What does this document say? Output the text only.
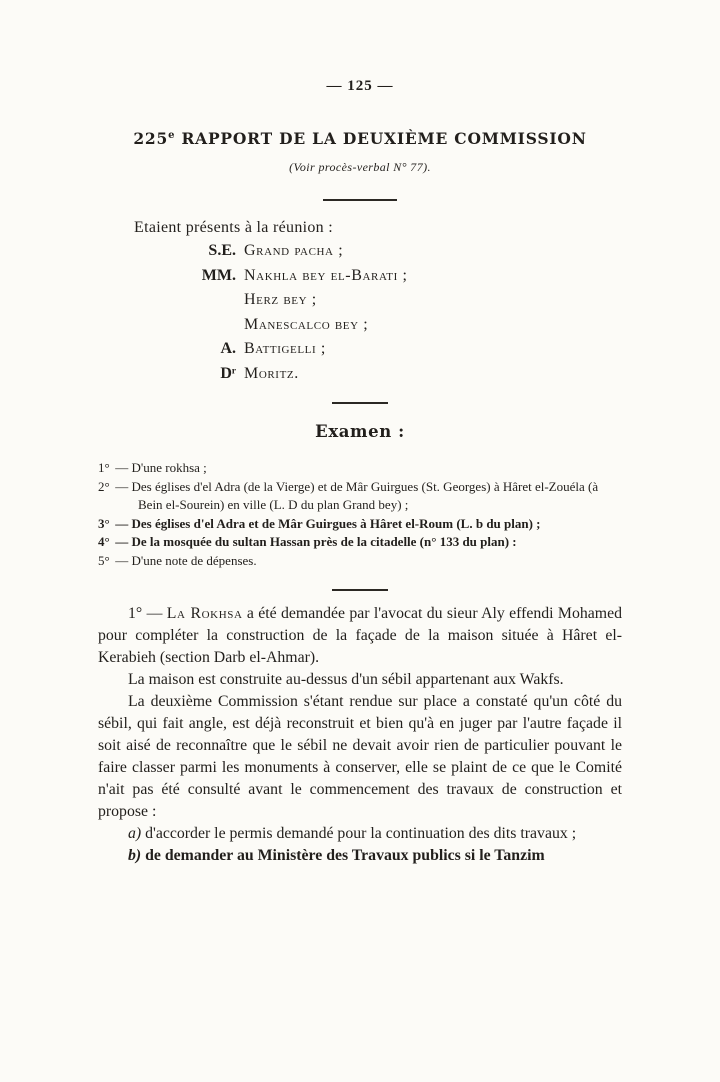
— 125 —
225e RAPPORT DE LA DEUXIÈME COMMISSION
(Voir procès-verbal N° 77).
Etaient présents à la réunion :
S.E. Grand pacha ;
MM. Nakhla bey el-Barati ;
Herz bey ;
Manescalco bey ;
A. Battigelli ;
Dʳ Moritz.
Examen :
1° — D'une rokhsa ;
2° — Des églises d'el Adra (de la Vierge) et de Mâr Guirgues (St. Georges) à Hâret el-Zouéla (à Bein el-Sourein) en ville (L. D du plan Grand bey) ;
3° — Des églises d'el Adra et de Mâr Guirgues à Hâret el-Roum (L. b du plan) ;
4° — De la mosquée du sultan Hassan près de la citadelle (n° 133 du plan) :
5° — D'une note de dépenses.

1° — La Rokhsa a été demandée par l'avocat du sieur Aly effendi Mohamed pour compléter la construction de la façade de la maison située à Hâret el-Kerabieh (section Darb el-Ahmar).

La maison est construite au-dessus d'un sébil appartenant aux Wakfs.

La deuxième Commission s'étant rendue sur place a constaté qu'un côté du sébil, qui fait angle, est déjà reconstruit et bien qu'à en juger par l'autre façade il soit aisé de reconnaître que le sébil ne devait avoir rien de particulier pouvant le faire classer parmi les monuments à conserver, elle se plaint de ce que le Comité n'ait pas été consulté avant le commencement des travaux de construction et propose :

a) d'accorder le permis demandé pour la continuation des dits travaux ;

b) de demander au Ministère des Travaux publics si le Tanzim
